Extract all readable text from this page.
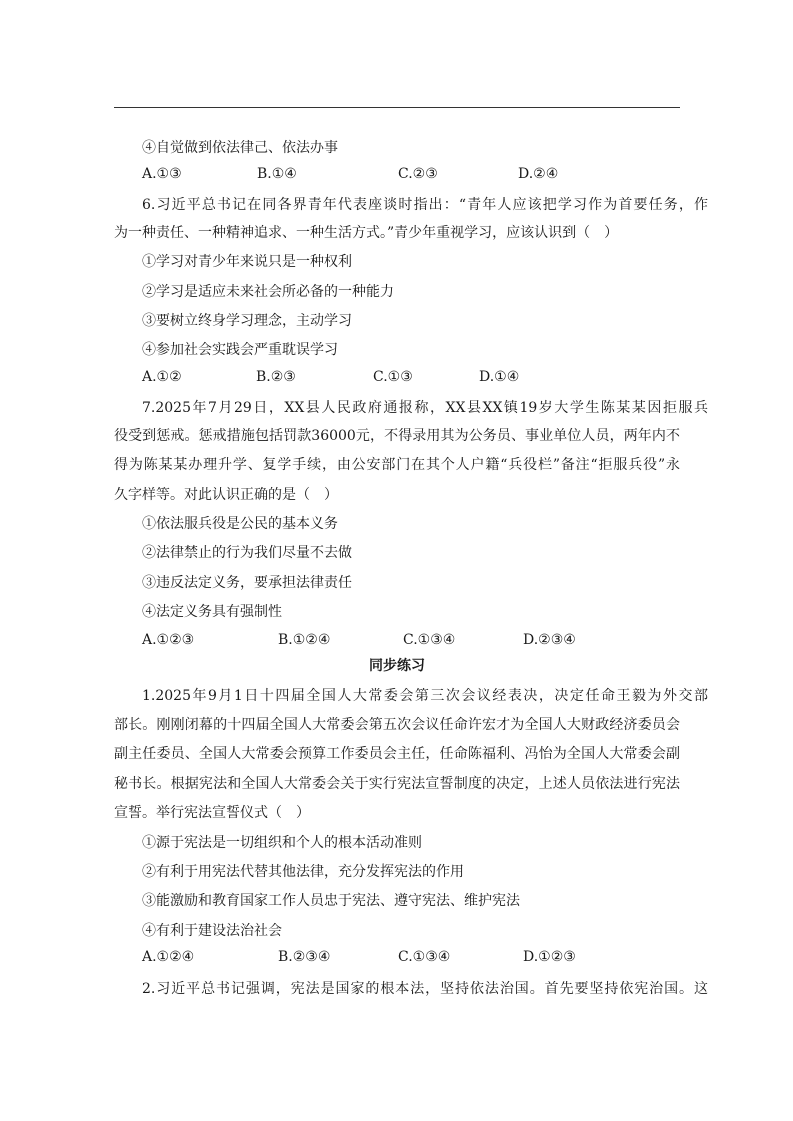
④自觉做到依法律己、依法办事
A.①③	B.①④	C.②③	D.②④
6.习近平总书记在同各界青年代表座谈时指出：“青年人应该把学习作为首要任务，作
为一种责任、一种精神追求、一种生活方式。”青少年重视学习，应该认识到（　）
①学习对青少年来说只是一种权利
②学习是适应未来社会所必备的一种能力
③要树立终身学习理念，主动学习
④参加社会实践会严重耽误学习
A.①②	B.②③	C.①③	D.①④
7.2025年7月29日，XX县人民政府通报称，XX县XX镇19岁大学生陈某某因拒服兵
役受到惩戒。惩戒措施包括罚款36000元，不得录用其为公务员、事业单位人员，两年内不
得为陈某某办理升学、复学手续，由公安部门在其个人户籍“兵役栏”备注“拒服兵役”永
久字样等。对此认识正确的是（　）
①依法服兵役是公民的基本义务
②法律禁止的行为我们尽量不去做
③违反法定义务，要承担法律责任
④法定义务具有强制性
A.①②③	B.①②④	C.①③④	D.②③④
同步练习
1.2025年9月1日十四届全国人大常委会第三次会议经表决，决定任命王毅为外交部
部长。刚刚闭幕的十四届全国人大常委会第五次会议任命许宏才为全国人大财政经济委员会
副主任委员、全国人大常委会预算工作委员会主任，任命陈福利、冯怡为全国人大常委会副
秘书长。根据宪法和全国人大常委会关于实行宪法宣誓制度的决定，上述人员依法进行宪法
宣誓。举行宪法宣誓仪式（　）
①源于宪法是一切组织和个人的根本活动准则
②有利于用宪法代替其他法律，充分发挥宪法的作用
③能激励和教育国家工作人员忠于宪法、遵守宪法、维护宪法
④有利于建设法治社会
A.①②④	B.②③④	C.①③④	D.①②③
2.习近平总书记强调，宪法是国家的根本法，坚持依法治国。首先要坚持依宪治国。这
